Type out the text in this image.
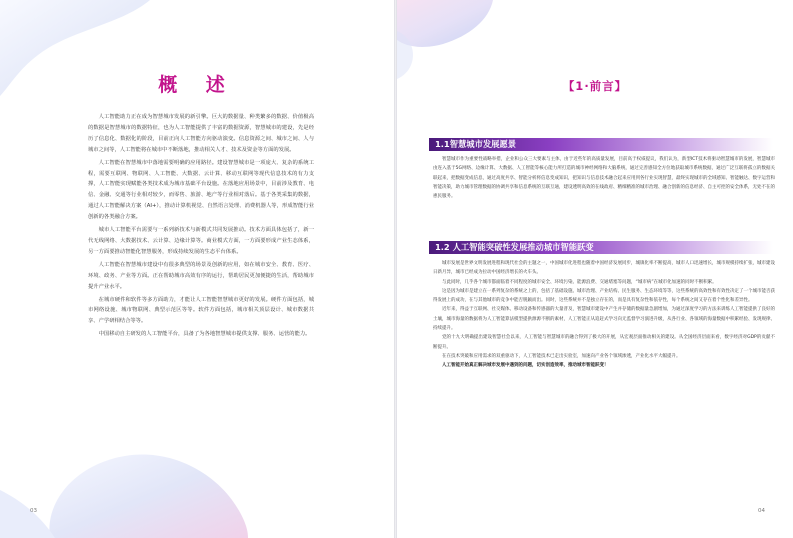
概 述

人工智能助力正在成为智慧城市发展的新引擎。巨大的数据量、种类繁多的数据、价值极高的数据是智慧城市的数据特征，也为人工智能提供了丰富的数据资源，智慧城市的建设，先是经历了信息化、数据化的阶段，目前正向人工智能方向驱动演变。信息资源之间、城市之间、人与城市之间等，人工智能将在城市中不断落地，推动相关人才、技术及资金等方面的发展。

人工智能在智慧城市中落地需要明确的应用路径。建设智慧城市是一项庞大、复杂的系统工程，需要互联网、物联网、人工智能、大数据、云计算、移动互联网等现代信息技术的有力支撑，人工智能实现赋能各类技术成为城市基础平台设施。在落地应用场景中，目前涉及教育、电信、金融、交通等行业相对较少，而零售、旅游、地产等行业相对落后。基于各类采集的数据，通过人工智能解决方案（AI+），推动计算机视觉、自然语言处理、消费机器人等，形成智能行业创新的各类融合方案。

城市人工智能平台需要与一系列新技术与新模式共同发展推动。技术方面具体包括了，新一代无线网络、大数据技术、云计算、边缘计算等。商业模式方面，一方面要形成产业生态体系，另一方面要推动智能化智慧服务，形成持续发展的生态平台体系。

人工智能在智慧城市建设中有很多典型的场景及创新的应用，如在城市安全、教育、医疗、环境、政务、产业等方面。正在帮助城市高效有序的运行，帮助居民更加便捷的生活，帮助城市提升产业水平。

在城市硬件和软件等多方面助力，才能让人工智能智慧城市更好的发展。硬件方面包括，城市网络设施、城市物联网、典型示范区等等。软件方面包括，城市相关顶层设计、城市数据共享、产学研相结合等等。

中国移动自主研发的人工智能平台，具备了为各地智慧城市提供支撑、服务、运营的能力。

03
【1·前言】
1.1智慧城市发展愿景

智慧城市作为重要性战略举措，企业和公众三大要素与主体，由于近些年的高质量发展，目前高于权威提议，我们认为，新型ICT技术将驱动智慧城市的发展，智慧城市由连入基于5G网络、边缘计算、大数据、人工智能等核心能力所打造的城市神经网络和大脑系统，通过完善感知全方位地获取城市系统数据，通过广泛互联将孤立的数据关联起来，把数据变成信息，通过高度共享、智能分析将信息变成知识，把知识与信息技术融合起来应用到各行业实现智慧，最终实现城市的全域感知、智能触达、数字运营和智能决策，助力城市管理数据的协调共享和信息系统的互联互通，建设透明高效的在线政府、精细精准的城市治理、融合创新的信息经济、自主可控的安全体系，无处不在的惠民服务。

1.2 人工智能突破性发展推动城市智能跃变

城市发展是世界文明发展进程和现代社会的主题之一，中国城市化进程也随着中国经济发展同步，城镇化率不断提高，城市人口迅速增长，城市规模持续扩张，城市建设日新月异，城市已经成为拉动中国经济增长的火车头。

与此同时，几乎各个城市都面临着不同程度的城市安全、环境污染、能源浪费、交通堵塞等问题，“城市病”在城市化加速的同时不断积累。

这是因为城市是建立在一系列复杂的系统之上的，包括了基础设施、城市治理、产业结构、民生服务、生态环境等等，这些系统的高效性和有效性决定了一个城市能否获得发展上的成功，在与其他城市的竞争中能否脱颖而出。同时，这些系统并不是独立存在的，而是具有复杂性和依存性，每个系统之间又存在着个性化和差异性。

近年来，得益于互联网、社交媒体、移动设备和传感器的大量普及，智慧城市建设中产生并存储的数据量急剧增加，为通过深度学习的方法来训练人工智能提供了良好的土壤，城市海量的数据将为人工智能算法模型提供源源不断的素材，人工智能正从追赶式学习向无监督学习演进升级，从各行业、各领域的海量数据中积累经验、发现规律、持续提升。

党的十九大明确提出建设智慧社会以来，人工智能与智慧城市的融合得到了极大的开展，从宏观层面推动相关的建设。从全国经济层面来看，数字经济对GDP的贡献不断提升。

在在技术突破和应用需求的双重驱动下，人工智能技术已走出实验室，加速向产业各个领域渗透，产业化水平大幅提升。

人工智能开始真正解决城市发展中遇到的问题，切实创造效率，推动城市智能跃变！

04
